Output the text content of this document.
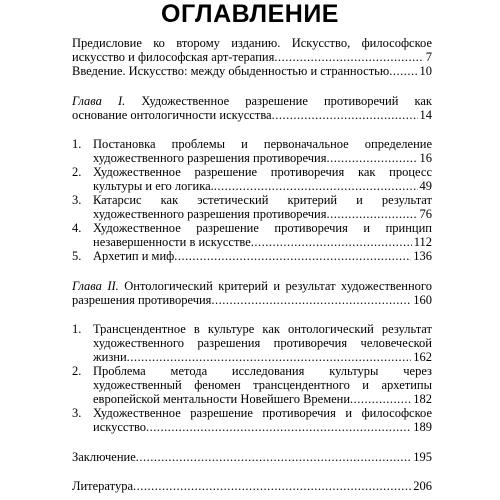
ОГЛАВЛЕНИЕ
Предисловие ко второму изданию. Искусство, философское
искусство и философская арт-терапия .....	7
Введение. Искусство: между обыденностью и странностью ..... 10
Глава I. Художественное разрешение противоречий как
основание онтологичности искусства .....	14
1. Постановка проблемы и первоначальное определение
художественного разрешения противоречия .....	16
2. Художественное разрешение противоречия как процесс
культуры и его логика. .....	49
3. Катарсис как эстетический критерий и результат
художественного разрешения противоречия .....	76
4. Художественное разрешение противоречия и принцип
незавершенности в искусстве .....	112
5. Архетип и миф .....	136
Глава II. Онтологический критерий и результат художественного
разрешения противоречия .....	160
1. Трансцендентное в культуре как онтологический результат
художественного разрешения противоречия человеческой
жизни .....	162
2. Проблема метода исследования культуры через
художественный феномен трансцендентного и архетипы
европейской ментальности Новейшего Времени .....	182
3. Художественное разрешение противоречия и философское
искусство .....	189
Заключение .....	195
Литература .....	206
